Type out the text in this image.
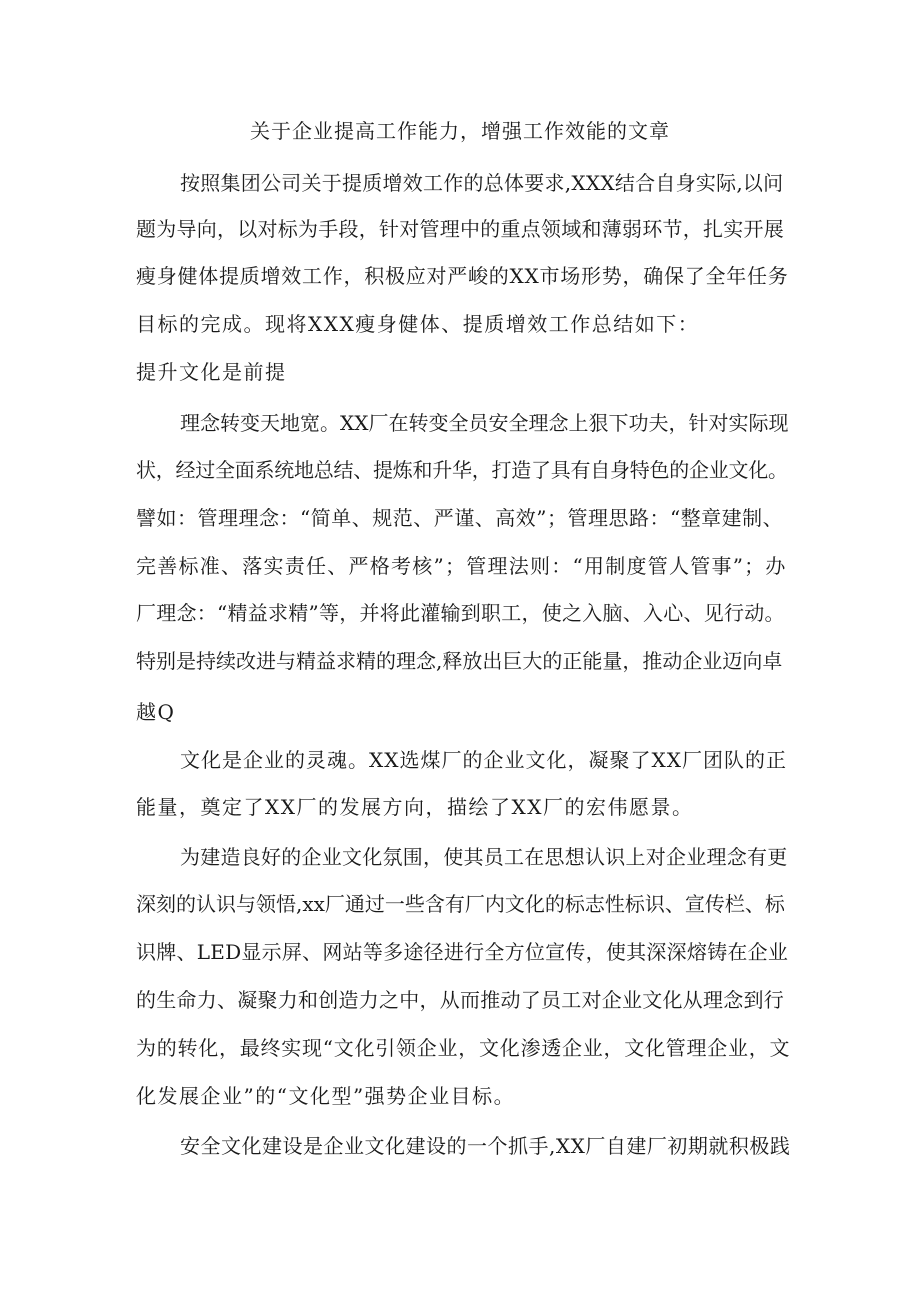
关于企业提高工作能力，增强工作效能的文章
按照集团公司关于提质增效工作的总体要求,XXX结合自身实际,以问
题为导向，以对标为手段，针对管理中的重点领域和薄弱环节，扎实开展
瘦身健体提质增效工作，积极应对严峻的XX市场形势，确保了全年任务
目标的完成。现将XXX瘦身健体、提质增效工作总结如下：
提升文化是前提
理念转变天地宽。XX厂在转变全员安全理念上狠下功夫，针对实际现
状，经过全面系统地总结、提炼和升华，打造了具有自身特色的企业文化。
譬如：管理理念：“简单、规范、严谨、高效”；管理思路：“整章建制、
完善标准、落实责任、严格考核”；管理法则：“用制度管人管事”；办
厂理念：“精益求精”等，并将此灌输到职工，使之入脑、入心、见行动。
特别是持续改进与精益求精的理念,释放出巨大的正能量，推动企业迈向卓
越Q
文化是企业的灵魂。XX选煤厂的企业文化，凝聚了XX厂团队的正
能量，奠定了XX厂的发展方向，描绘了XX厂的宏伟愿景。
为建造良好的企业文化氛围，使其员工在思想认识上对企业理念有更
深刻的认识与领悟,xx厂通过一些含有厂内文化的标志性标识、宣传栏、标
识牌、LED显示屏、网站等多途径进行全方位宣传，使其深深熔铸在企业
的生命力、凝聚力和创造力之中，从而推动了员工对企业文化从理念到行
为的转化，最终实现“文化引领企业，文化渗透企业，文化管理企业，文
化发展企业”的“文化型”强势企业目标。
安全文化建设是企业文化建设的一个抓手,XX厂自建厂初期就积极践
